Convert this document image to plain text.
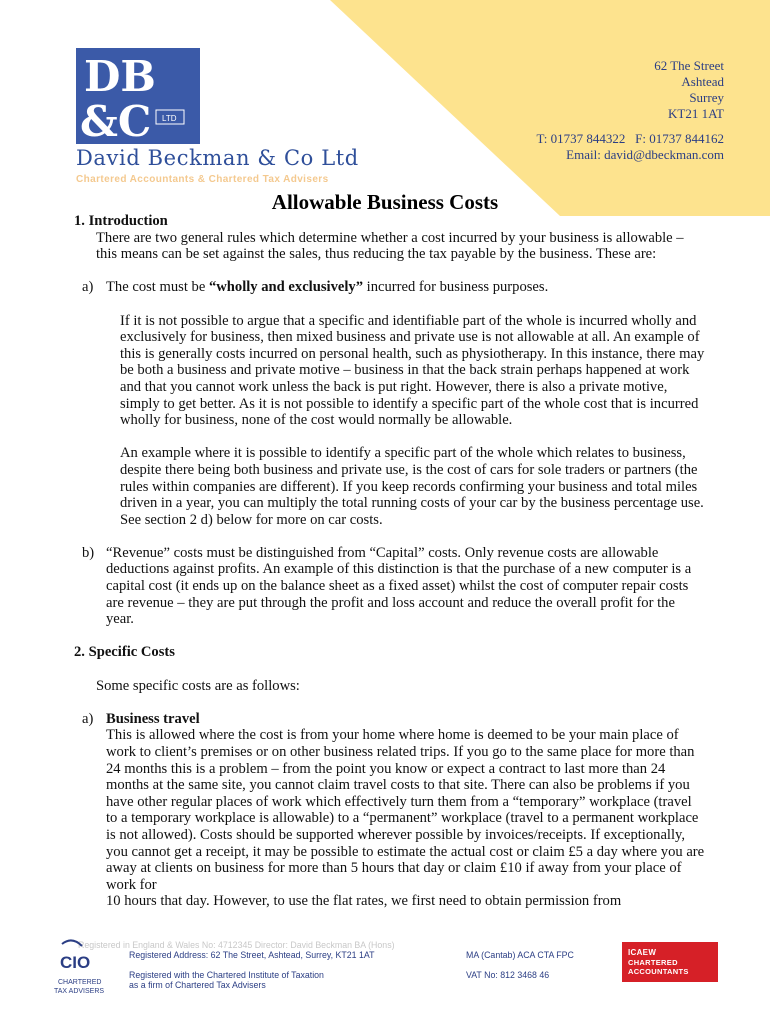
DB
&C LTD
David Beckman & Co Ltd
Chartered Accountants & Chartered Tax Advisers
62 The Street
Ashtead
Surrey
KT21 1AT
T: 01737 844322   F: 01737 844162
Email: david@dbeckman.com
Allowable Business Costs

1. Introduction

There are two general rules which determine whether a cost incurred by your business is allowable – this means can be set against the sales, thus reducing the tax payable by the business. These are:

a) The cost must be “wholly and exclusively” incurred for business purposes.

If it is not possible to argue that a specific and identifiable part of the whole is incurred wholly and exclusively for business, then mixed business and private use is not allowable at all. An example of this is generally costs incurred on personal health, such as physiotherapy. In this instance, there may be both a business and private motive – business in that the back strain perhaps happened at work and that you cannot work unless the back is put right. However, there is also a private motive, simply to get better. As it is not possible to identify a specific part of the whole cost that is incurred wholly for business, none of the cost would normally be allowable.

An example where it is possible to identify a specific part of the whole which relates to business, despite there being both business and private use, is the cost of cars for sole traders or partners (the rules within companies are different). If you keep records confirming your business and total miles driven in a year, you can multiply the total running costs of your car by the business percentage use. See section 2 d) below for more on car costs.

b) “Revenue” costs must be distinguished from “Capital” costs. Only revenue costs are allowable deductions against profits. An example of this distinction is that the purchase of a new computer is a capital cost (it ends up on the balance sheet as a fixed asset) whilst the cost of computer repair costs are revenue – they are put through the profit and loss account and reduce the overall profit for the year.

2. Specific Costs

Some specific costs are as follows:

a) Business travel
This is allowed where the cost is from your home where home is deemed to be your main place of work to client’s premises or on other business related trips. If you go to the same place for more than 24 months this is a problem – from the point you know or expect a contract to last more than 24 months at the same site, you cannot claim travel costs to that site. There can also be problems if you have other regular places of work which effectively turn them from a “temporary” workplace (travel to a temporary workplace is allowable) to a “permanent” workplace (travel to a permanent workplace is not allowed). Costs should be supported wherever possible by invoices/receipts. If exceptionally, you cannot get a receipt, it may be possible to estimate the actual cost or claim £5 a day where you are away at clients on business for more than 5 hours that day or claim £10 if away from your place of work for
10 hours that day. However, to use the flat rates, we first need to obtain permission from
Registered in England & Wales No: 4712345 Director: David Beckman BA (Hons)
CIO
CHARTERED
TAX ADVISERS
Registered Address: 62 The Street, Ashtead, Surrey, KT21 1AT
Registered with the Chartered Institute of Taxation
as a firm of Chartered Tax Advisers
MA (Cantab) ACA CTA FPC
VAT No: 812 3468 46
ICAEW
CHARTERED
ACCOUNTANTS
